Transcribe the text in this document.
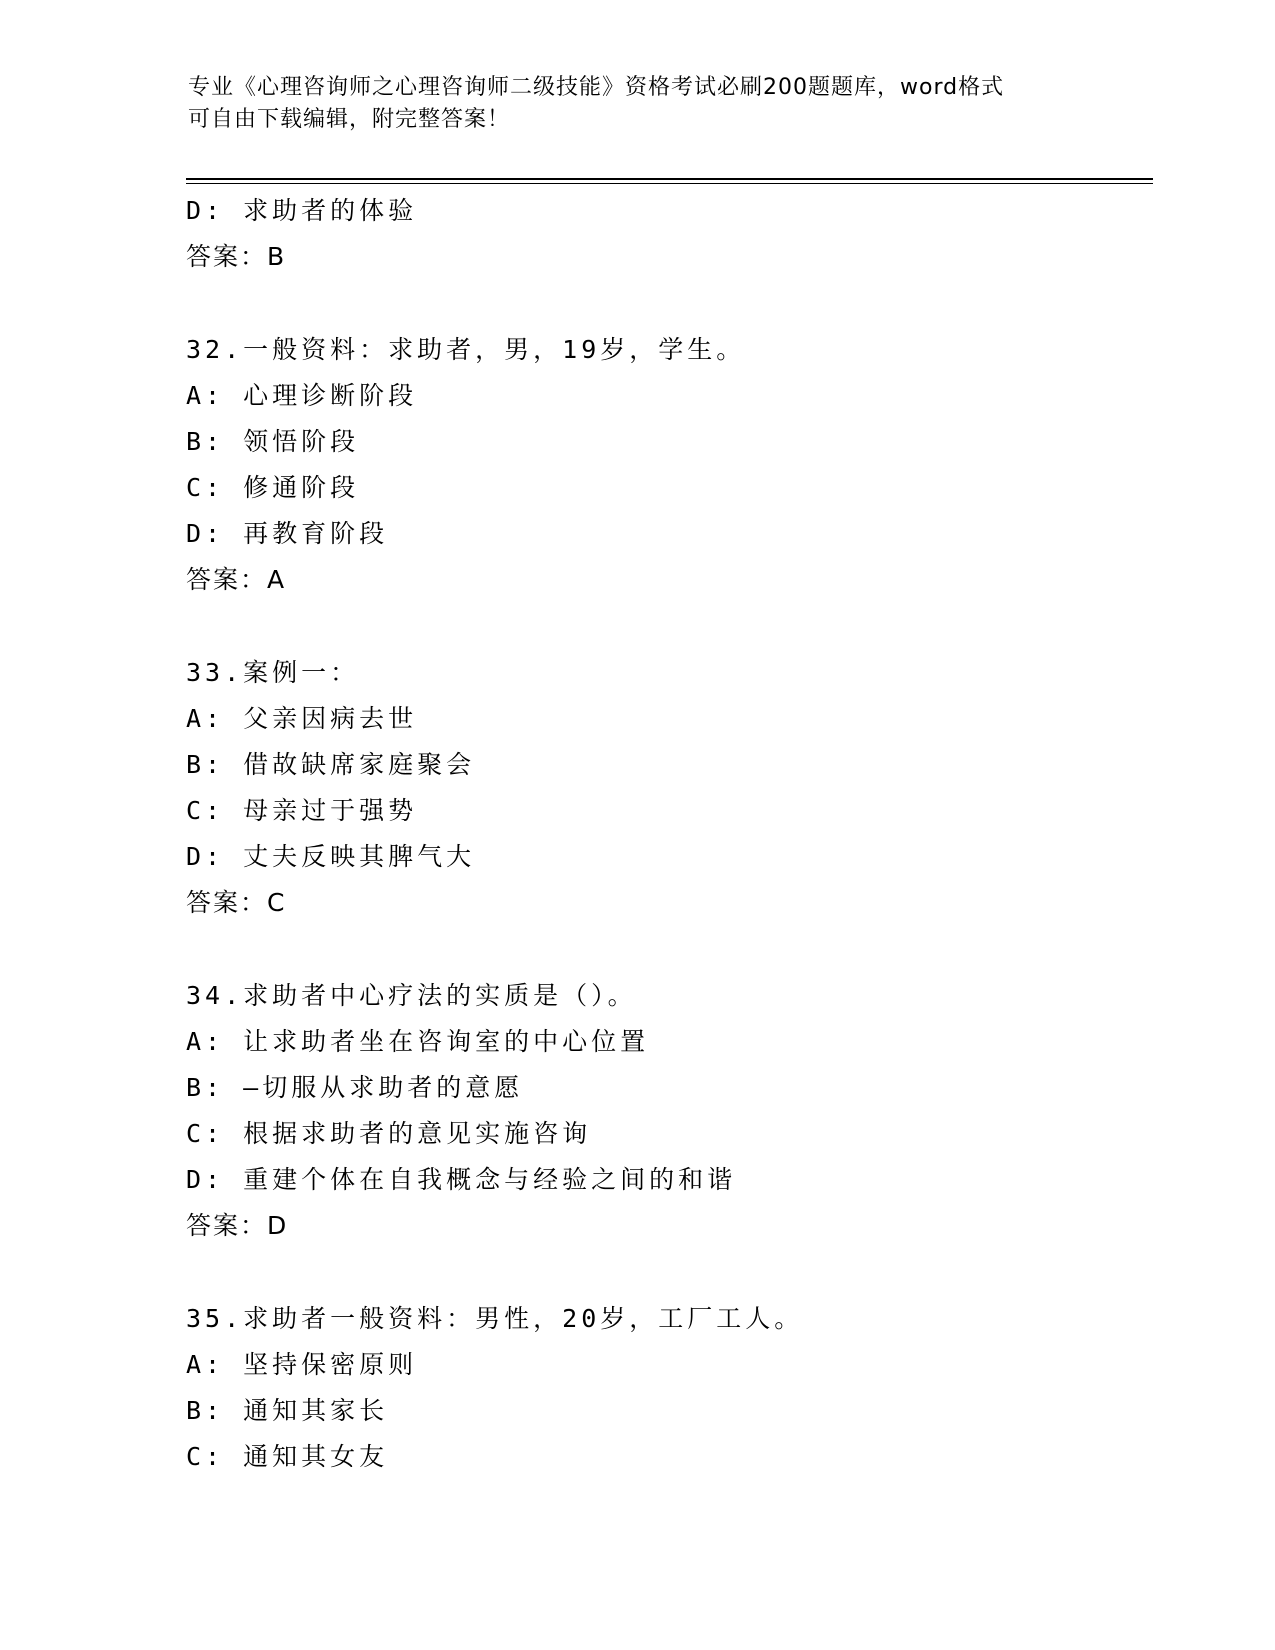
专业《心理咨询师之心理咨询师二级技能》资格考试必刷200题题库，word格式

可自由下载编辑，附完整答案！

D: 求助者的体验
答案：B
32.一般资料：求助者，男，19岁，学生。
A: 心理诊断阶段
B: 领悟阶段
C: 修通阶段
D: 再教育阶段
答案：A
33.案例一：
A: 父亲因病去世
B: 借故缺席家庭聚会
C: 母亲过于强势
D: 丈夫反映其脾气大
答案：C
34.求助者中心疗法的实质是（）。
A: 让求助者坐在咨询室的中心位置
B: —切服从求助者的意愿
C: 根据求助者的意见实施咨询
D: 重建个体在自我概念与经验之间的和谐
答案：D
35.求助者一般资料：男性，20岁，工厂工人。
A: 坚持保密原则
B: 通知其家长
C: 通知其女友
